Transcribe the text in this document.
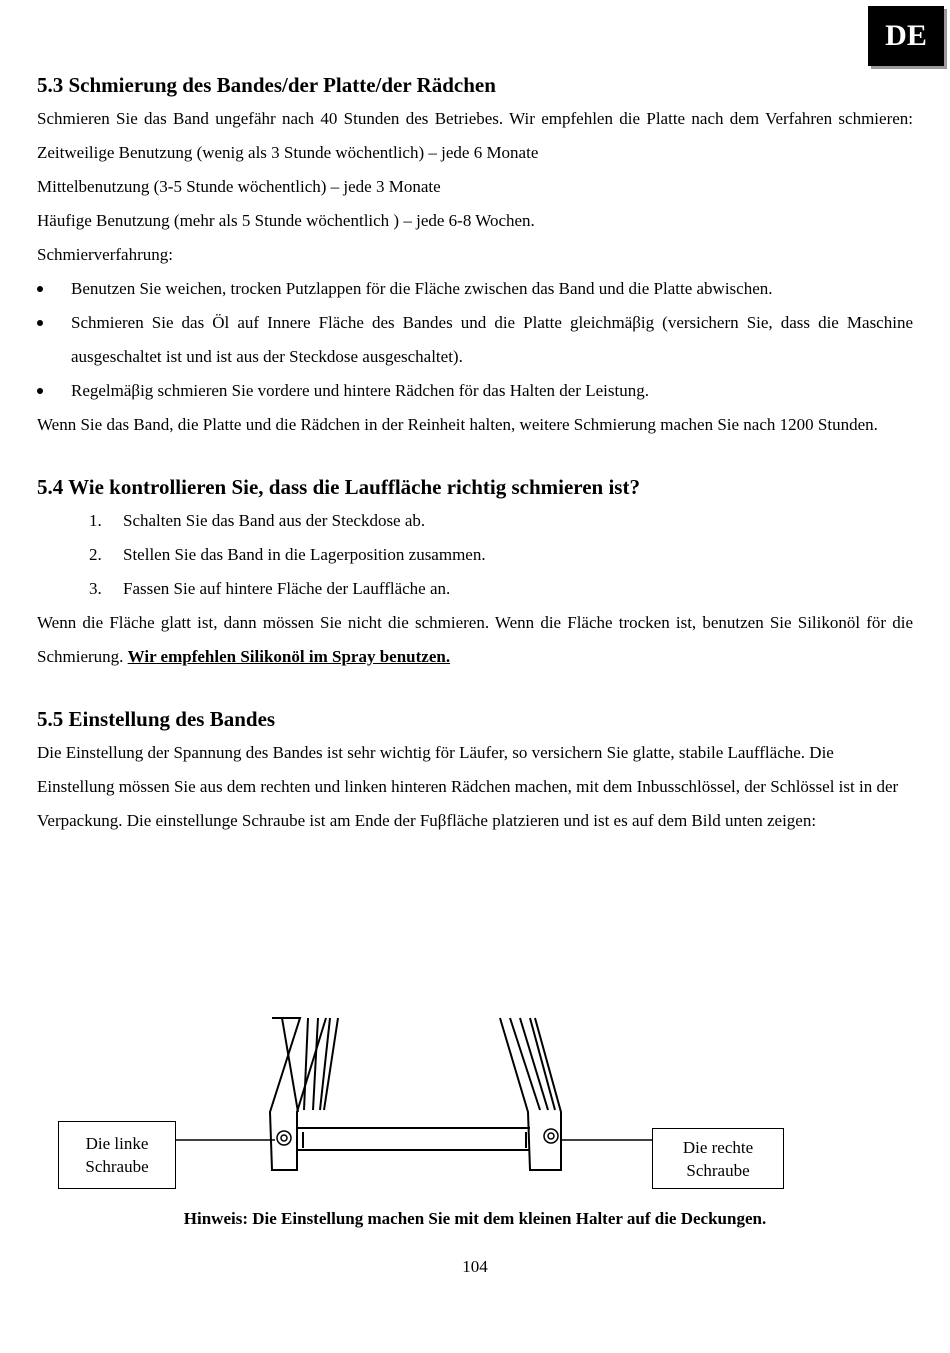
DE
5.3 Schmierung des Bandes/der Platte/der Rädchen

Schmieren Sie das Band ungefähr nach 40 Stunden des Betriebes. Wir empfehlen die Platte nach dem Verfahren schmieren: Zeitweilige Benutzung (wenig als 3 Stunde wöchentlich) – jede 6 Monate

Mittelbenutzung (3-5 Stunde wöchentlich) – jede 3 Monate

Häufige Benutzung (mehr als 5 Stunde wöchentlich ) – jede 6-8 Wochen.

Schmierverfahrung:

Benutzen Sie weichen, trocken Putzlappen för die Fläche zwischen das Band und die Platte abwischen.
Schmieren Sie das Öl auf Innere Fläche des Bandes und die Platte gleichmäβig (versichern Sie, dass die Maschine ausgeschaltet ist und ist aus der Steckdose ausgeschaltet).
Regelmäβig schmieren Sie vordere und hintere Rädchen för das Halten der Leistung.

Wenn Sie das Band, die Platte und die Rädchen in der Reinheit halten, weitere Schmierung machen Sie nach 1200 Stunden.

5.4 Wie kontrollieren Sie, dass die Lauffläche richtig schmieren ist?
1. Schalten Sie das Band aus der Steckdose ab.
2. Stellen Sie das Band in die Lagerposition zusammen.
3. Fassen Sie auf hintere Fläche der Lauffläche an.

Wenn die Fläche glatt ist, dann mössen Sie nicht die schmieren. Wenn die Fläche trocken ist, benutzen Sie Silikonöl för die Schmierung. Wir empfehlen Silikonöl im Spray benutzen.

5.5 Einstellung des Bandes

Die Einstellung der Spannung des Bandes ist sehr wichtig för Läufer, so versichern Sie glatte, stabile Lauffläche. Die Einstellung mössen Sie aus dem rechten und linken hinteren Rädchen machen, mit dem Inbusschlössel, der Schlössel ist in der Verpackung. Die einstellunge Schraube ist am Ende der Fuβfläche platzieren und ist es auf dem Bild unten zeigen:

Die linke
Schraube
Die rechte
Schraube
Hinweis: Die Einstellung machen Sie mit dem kleinen Halter auf die Deckungen.
104
